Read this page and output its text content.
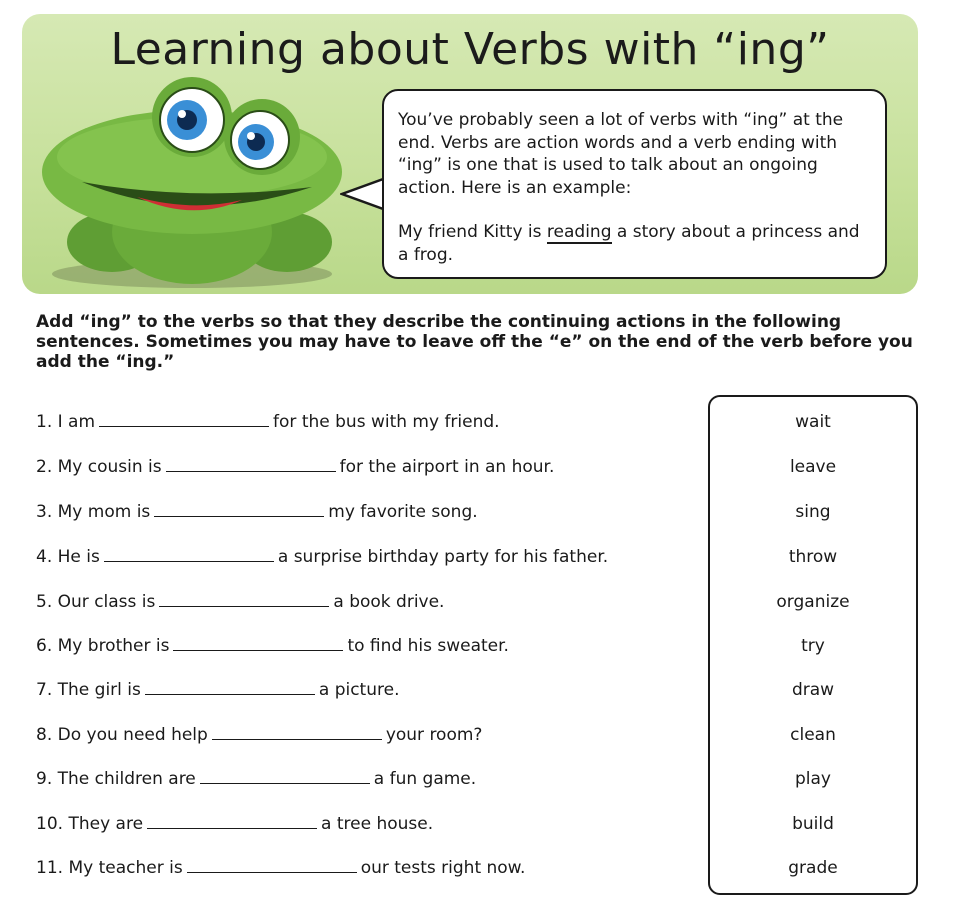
Learning about Verbs with “ing”

You’ve probably seen a lot of verbs with “ing” at the end. Verbs are action words and a verb ending with “ing” is one that is used to talk about an ongoing action. Here is an example:

My friend Kitty is reading a story about a princess and a frog.

Add “ing” to the verbs so that they describe the continuing actions in the following sentences. Sometimes you may have to leave off the “e” on the end of the verb before you add the “ing.”
1. I am	for the bus with my friend.
2. My cousin is	for the airport in an hour.
3. My mom is	my favorite song.
4. He is	a surprise birthday party for his father.
5. Our class is	a book drive.
6. My brother is	to find his sweater.
7. The girl is	a picture.
8. Do you need help	your room?
9. The children are	a fun game.
10. They are	a tree house.
11. My teacher is	our tests right now.
wait
leave
sing
throw
organize
try
draw
clean
play
build
grade
